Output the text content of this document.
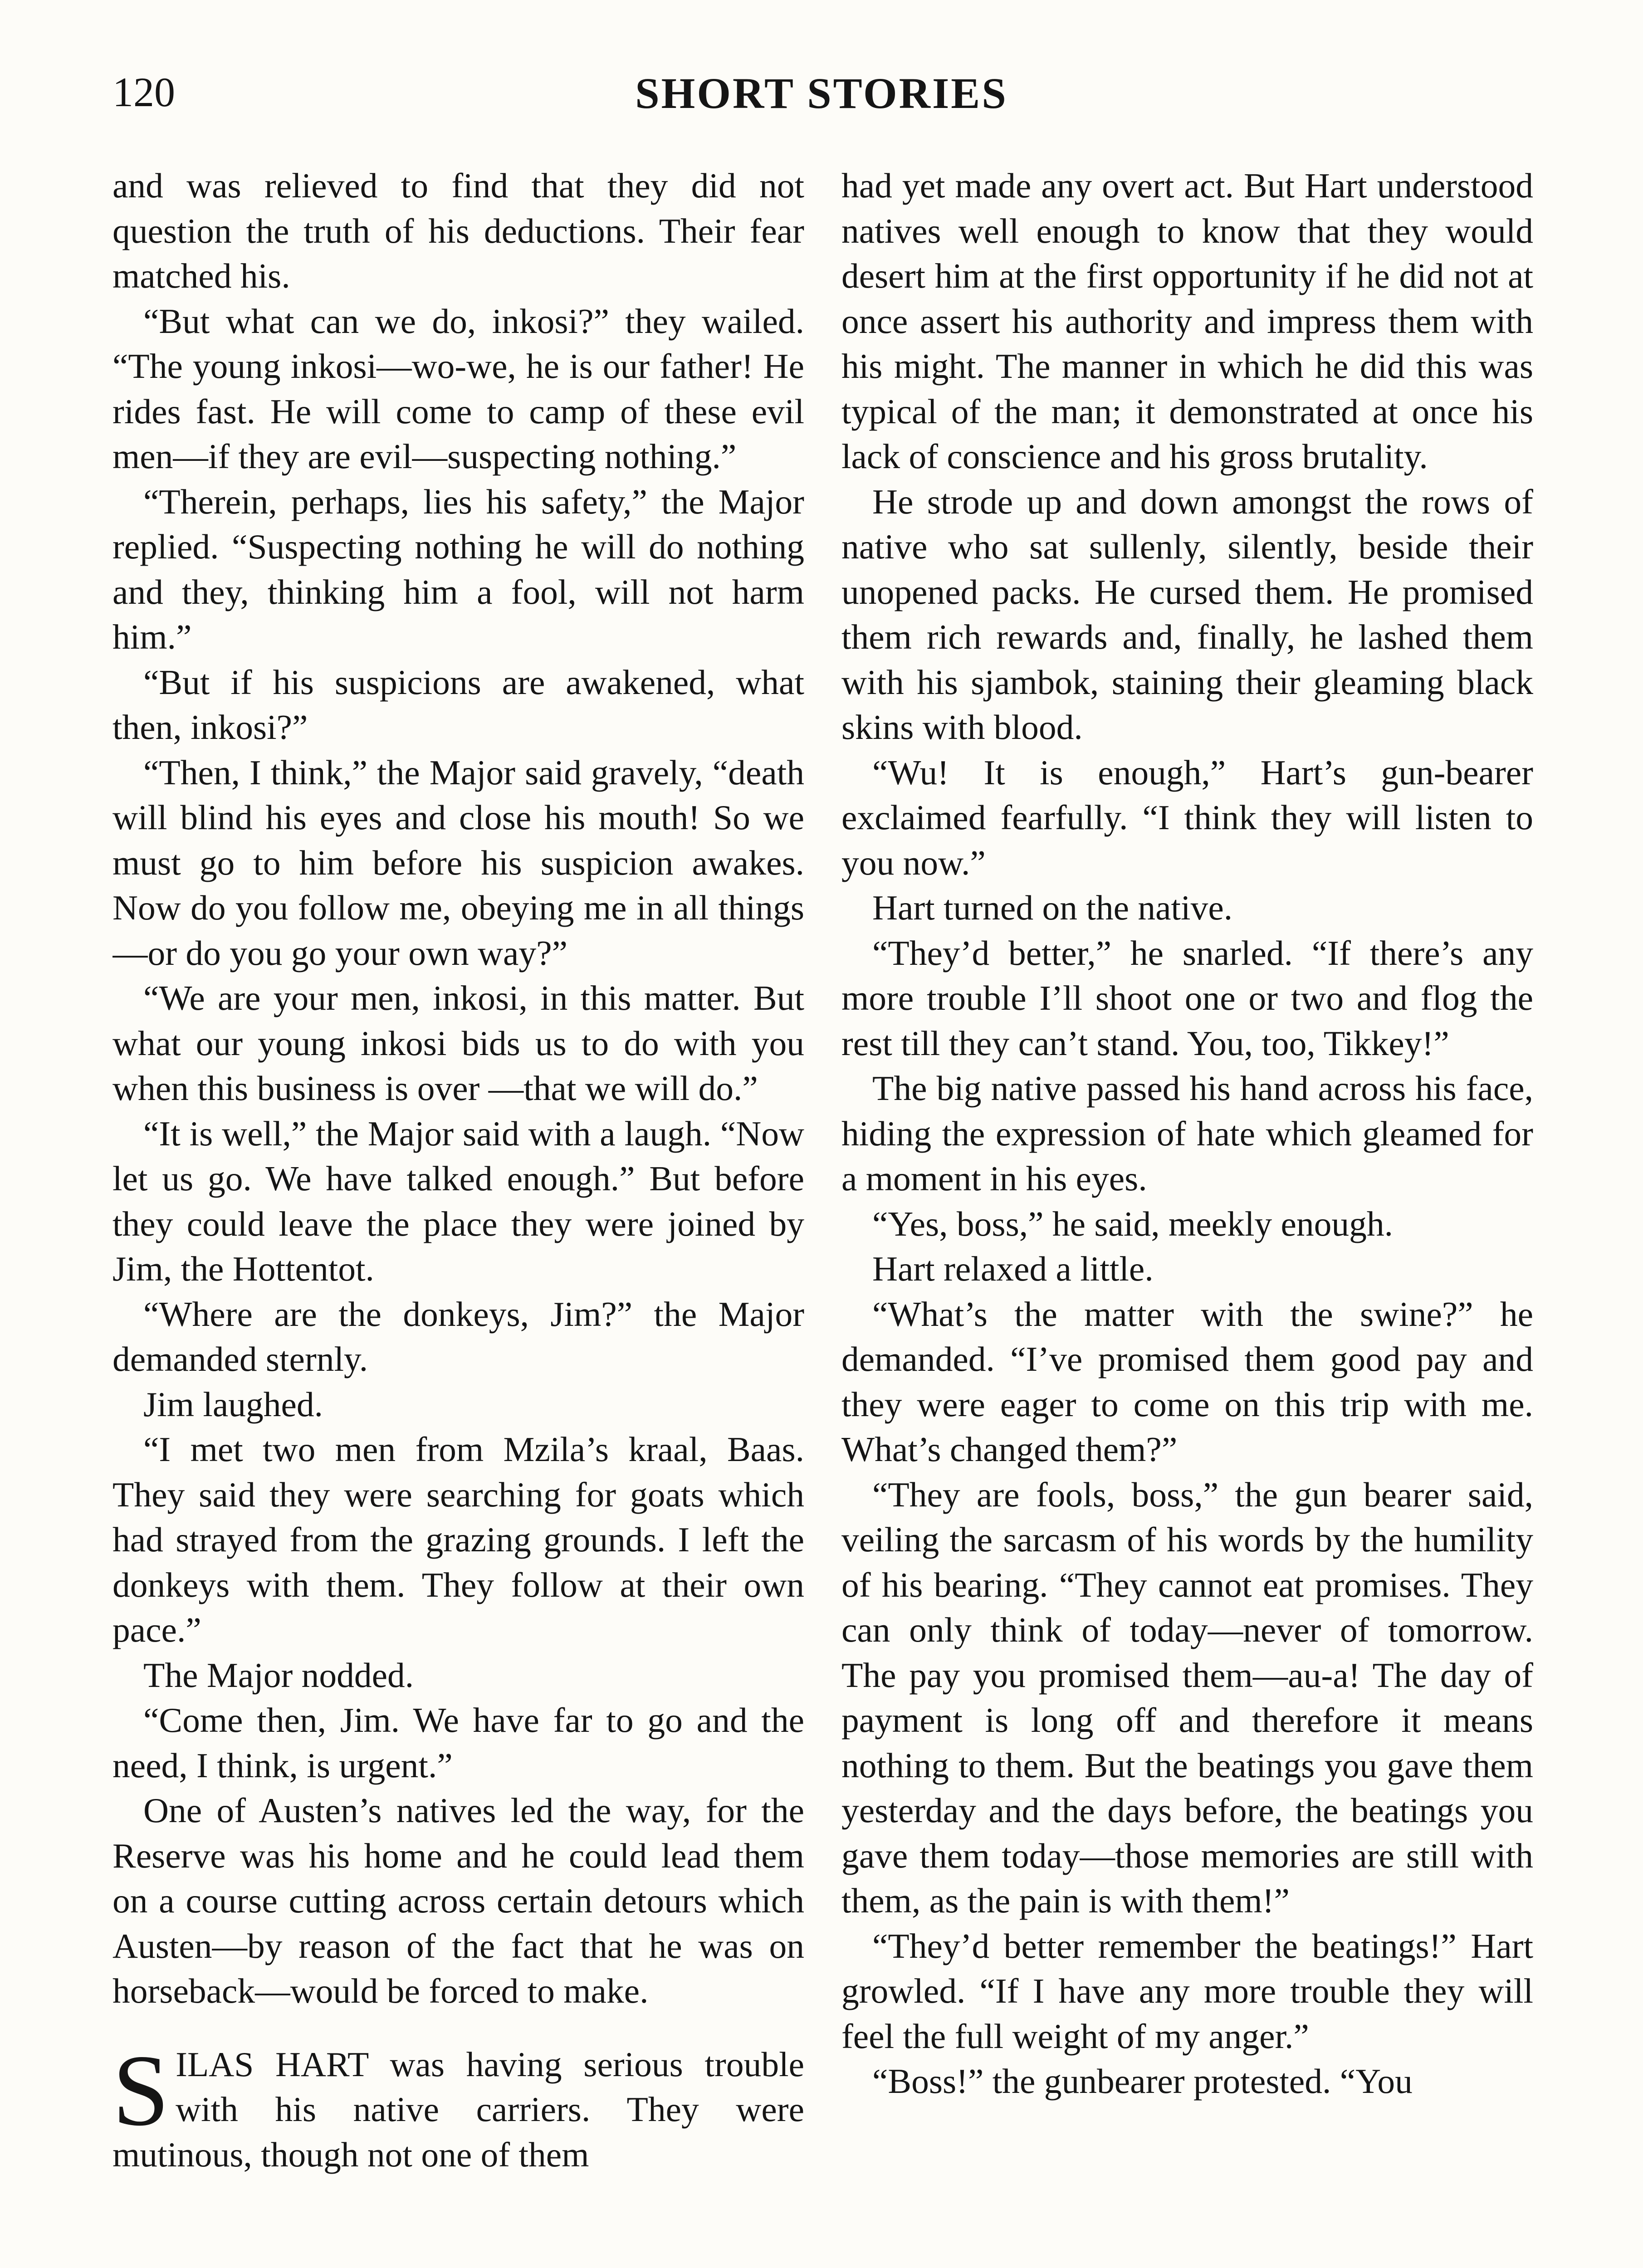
120	SHORT STORIES

and was relieved to find that they did not question the truth of his deductions. Their fear matched his.

“But what can we do, inkosi?” they wailed. “The young inkosi—wo-we, he is our father! He rides fast. He will come to camp of these evil men—if they are evil—suspecting nothing.”

“Therein, perhaps, lies his safety,” the Major replied. “Suspecting nothing he will do nothing and they, thinking him a fool, will not harm him.”

“But if his suspicions are awakened, what then, inkosi?”

“Then, I think,” the Major said gravely, “death will blind his eyes and close his mouth! So we must go to him before his suspicion awakes. Now do you follow me, obeying me in all things—or do you go your own way?”

“We are your men, inkosi, in this matter. But what our young inkosi bids us to do with you when this business is over —that we will do.”

“It is well,” the Major said with a laugh. “Now let us go. We have talked enough.” But before they could leave the place they were joined by Jim, the Hottentot.

“Where are the donkeys, Jim?” the Major demanded sternly.

Jim laughed.

“I met two men from Mzila’s kraal, Baas. They said they were searching for goats which had strayed from the grazing grounds. I left the donkeys with them. They follow at their own pace.”

The Major nodded.

“Come then, Jim. We have far to go and the need, I think, is urgent.”

One of Austen’s natives led the way, for the Reserve was his home and he could lead them on a course cutting across certain detours which Austen—by reason of the fact that he was on horseback—would be forced to make.

SILAS HART was having serious trouble with his native carriers. They were mutinous, though not one of them

had yet made any overt act. But Hart understood natives well enough to know that they would desert him at the first opportunity if he did not at once assert his authority and impress them with his might. The manner in which he did this was typical of the man; it demonstrated at once his lack of conscience and his gross brutality.

He strode up and down amongst the rows of native who sat sullenly, silently, beside their unopened packs. He cursed them. He promised them rich rewards and, finally, he lashed them with his sjambok, staining their gleaming black skins with blood.

“Wu! It is enough,” Hart’s gun-bearer exclaimed fearfully. “I think they will listen to you now.”

Hart turned on the native.

“They’d better,” he snarled. “If there’s any more trouble I’ll shoot one or two and flog the rest till they can’t stand. You, too, Tikkey!”

The big native passed his hand across his face, hiding the expression of hate which gleamed for a moment in his eyes.

“Yes, boss,” he said, meekly enough.

Hart relaxed a little.

“What’s the matter with the swine?” he demanded. “I’ve promised them good pay and they were eager to come on this trip with me. What’s changed them?”

“They are fools, boss,” the gun bearer said, veiling the sarcasm of his words by the humility of his bearing. “They cannot eat promises. They can only think of today—never of tomorrow. The pay you promised them—au-a! The day of payment is long off and therefore it means nothing to them. But the beatings you gave them yesterday and the days before, the beatings you gave them today—those memories are still with them, as the pain is with them!”

“They’d better remember the beatings!” Hart growled. “If I have any more trouble they will feel the full weight of my anger.”

“Boss!” the gunbearer protested. “You
